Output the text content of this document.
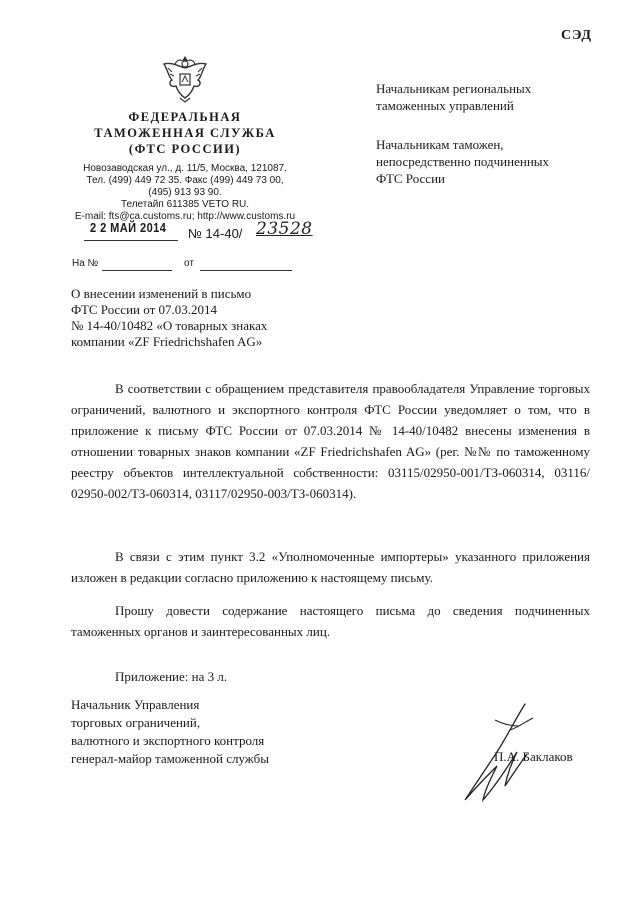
СЭД
ФЕДЕРАЛЬНАЯ
ТАМОЖЕННАЯ СЛУЖБА
(ФТС РОССИИ)
Новозаводская ул., д. 11/5, Москва, 121087.
Тел. (499) 449 72 35. Факс (499) 449 73 00,
(495) 913 93 90.
Телетайп 611385 VETO RU.
E-mail: fts@ca.customs.ru; http://www.customs.ru
2 2 МАЙ 2014 № 14-40/ 23528
На №	от
Начальникам региональных
таможенных управлений
Начальникам таможен,
непосредственно подчиненных
ФТС России
О внесении изменений в письмо
ФТС России от 07.03.2014
№ 14-40/10482 «О товарных знаках
компании «ZF Friedrichshafen AG»

В соответствии с обращением представителя правообладателя Управление торговых ограничений, валютного и экспортного контроля ФТС России уведомляет о том, что в приложение к письму ФТС России от 07.03.2014 № 14-40/10482 внесены изменения в отношении товарных знаков компании «ZF Friedrichshafen AG» (рег. №№ по таможенному реестру объектов интеллектуальной собственности: 03115/02950-001/ТЗ-060314, 03116/ 02950-002/ТЗ-060314, 03117/02950-003/ТЗ-060314).

В связи с этим пункт 3.2 «Уполномоченные импортеры» указанного приложения изложен в редакции согласно приложению к настоящему письму.

Прошу довести содержание настоящего письма до сведения подчиненных таможенных органов и заинтересованных лиц.

Приложение: на 3 л.

Начальник Управления
торговых ограничений,
валютного и экспортного контроля
генерал-майор таможенной службы	П.А. Баклаков
